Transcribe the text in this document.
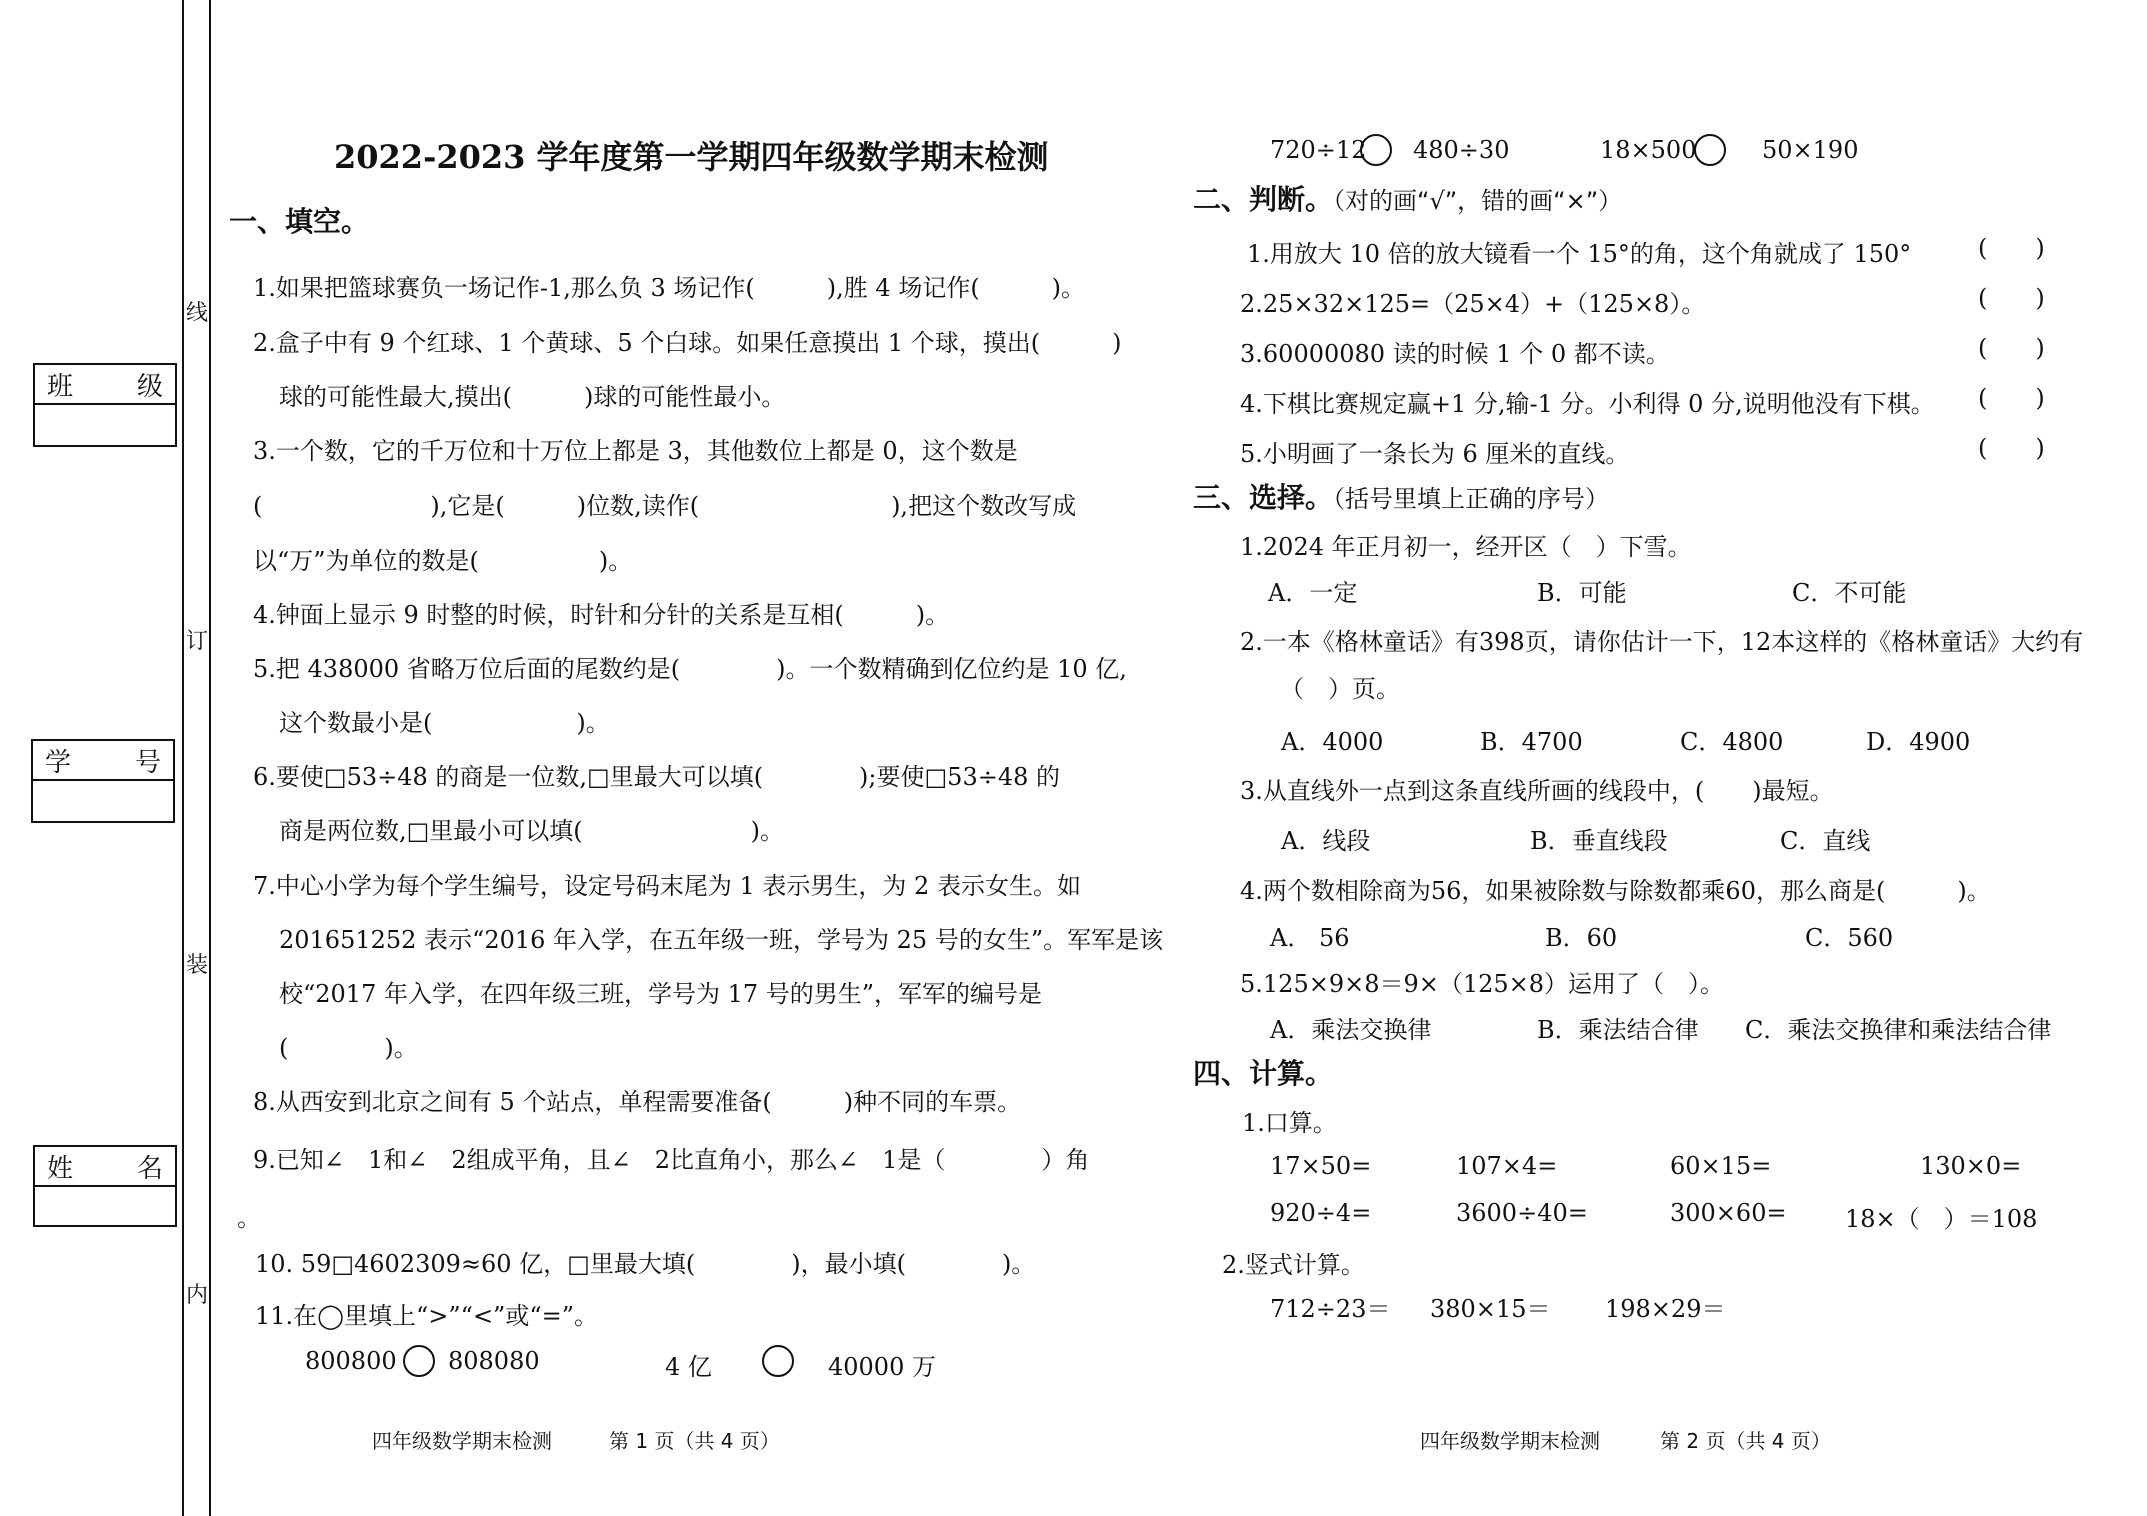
线
订
装
内
班 级
学 号
姓 名
2022-2023 学年度第一学期四年级数学期末检测
一、填空。
1.如果把篮球赛负一场记作-1,那么负 3 场记作(　　　),胜 4 场记作(　　　)。
2.盒子中有 9 个红球、1 个黄球、5 个白球。如果任意摸出 1 个球，摸出(　　　)
球的可能性最大,摸出(　　　)球的可能性最小。
3.一个数，它的千万位和十万位上都是 3，其他数位上都是 0，这个数是
(　　　　　　　),它是(　　　)位数,读作(　　　　　　　　),把这个数改写成
以“万”为单位的数是(　　　　　)。
4.钟面上显示 9 时整的时候，时针和分针的关系是互相(　　　)。
5.把 438000 省略万位后面的尾数约是(　　　　)。一个数精确到亿位约是 10 亿,
这个数最小是(　　　　　　)。
6.要使□53÷48 的商是一位数,□里最大可以填(　　　　);要使□53÷48 的
商是两位数,□里最小可以填(　　　　　　　)。
7.中心小学为每个学生编号，设定号码末尾为 1 表示男生，为 2 表示女生。如
201651252 表示“2016 年入学，在五年级一班，学号为 25 号的女生”。军军是该
校“2017 年入学，在四年级三班，学号为 17 号的男生”，军军的编号是
(　　　　)。
8.从西安到北京之间有 5 个站点，单程需要准备(　　　)种不同的车票。
9.已知∠　1和∠　2组成平角，且∠　2比直角小，那么∠　1是（　　　　）角
。
10. 59□4602309≈60 亿，□里最大填(　　　　)，最小填(　　　　)。
11.在◯里填上“>”“<”或“=”。
800800 808080	4 亿	40000 万
四年级数学期末检测	第 1 页（共 4 页）
720÷12 480÷30	18×500	50×190
二、判断。（对的画“√”，错的画“×”）
1.用放大 10 倍的放大镜看一个 15°的角，这个角就成了 150°	(　　)
2.25×32×125=（25×4）+（125×8）。	(　　)
3.60000080 读的时候 1 个 0 都不读。	(　　)
4.下棋比赛规定赢+1 分,输-1 分。小利得 0 分,说明他没有下棋。 (　　)
5.小明画了一条长为 6 厘米的直线。	(　　)
三、选择。（括号里填上正确的序号）
1.2024 年正月初一，经开区（　）下雪。
A．一定	B．可能	C．不可能
2.一本《格林童话》有398页，请你估计一下，12本这样的《格林童话》大约有
（　）页。
A．4000	B．4700	C．4800	D．4900
3.从直线外一点到这条直线所画的线段中，(　　)最短。
A．线段	B．垂直线段	C．直线
4.两个数相除商为56，如果被除数与除数都乘60，那么商是(　　　)。
A． 56	B．60	C．560
5.125×9×8＝9×（125×8）运用了（　）。
A．乘法交换律	B．乘法结合律 C．乘法交换律和乘法结合律
四、计算。
1.口算。
17×50=	107×4=	60×15=	130×0=
920÷4=	3600÷40=	300×60= 18×（　）＝108
2.竖式计算。
712÷23＝ 380×15＝ 198×29＝
四年级数学期末检测	第 2 页（共 4 页）
